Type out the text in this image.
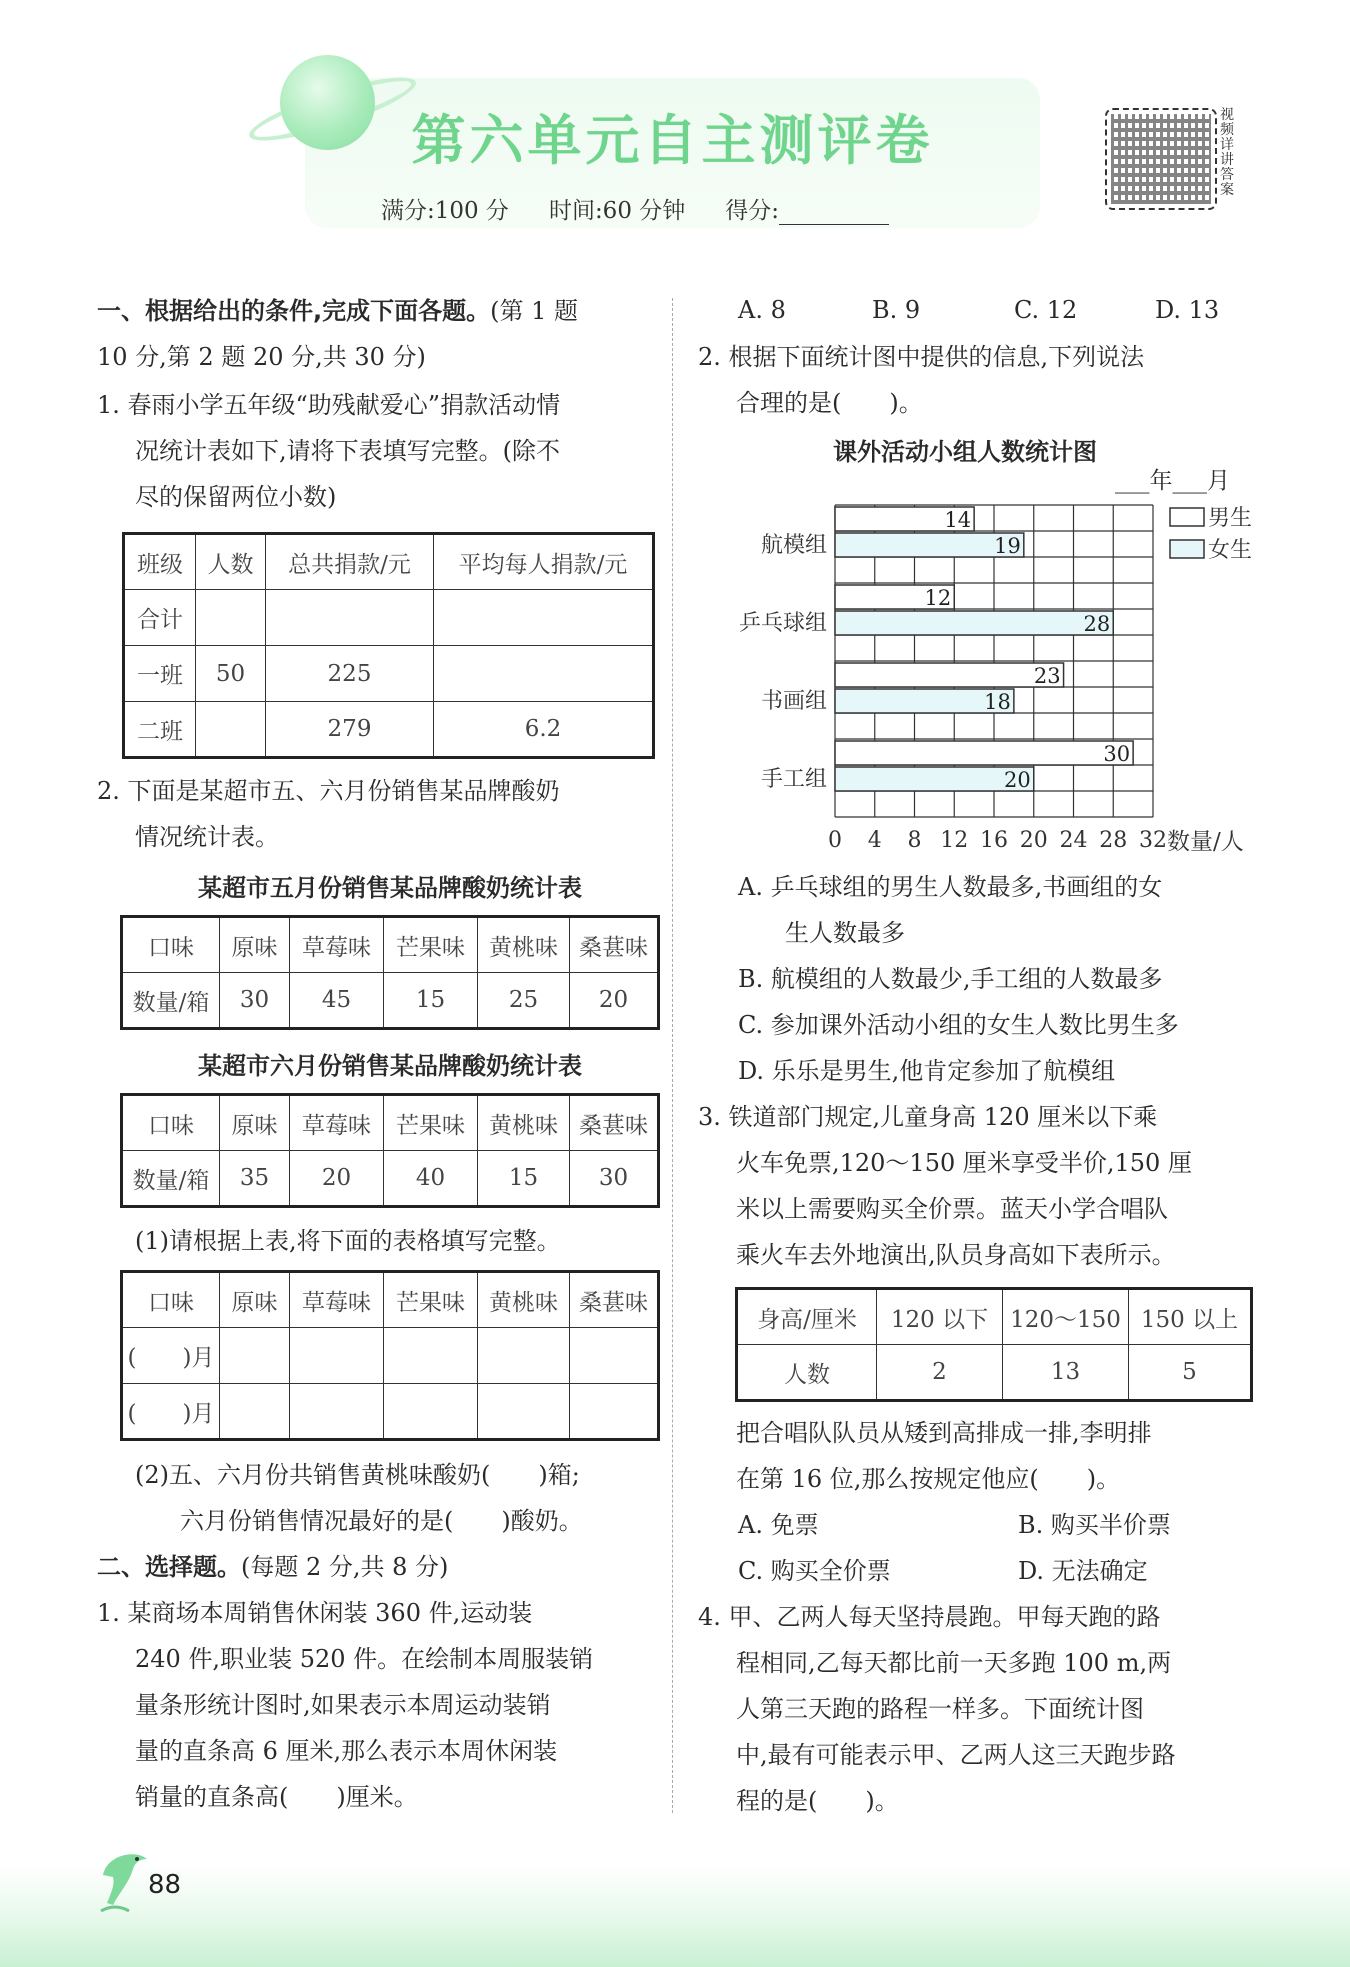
第六单元自主测评卷
满分:100 分 时间:60 分钟 得分:
视频详讲答案
一、根据给出的条件,完成下面各题。(第 1 题
10 分,第 2 题 20 分,共 30 分)
1. 春雨小学五年级“助残献爱心”捐款活动情
况统计表如下,请将下表填写完整。(除不
尽的保留两位小数)
班级	人数	总共捐款/元	平均每人捐款/元
合计			
一班	50	225	
二班		279	6.2
2. 下面是某超市五、六月份销售某品牌酸奶
情况统计表。
某超市五月份销售某品牌酸奶统计表
口味	原味	草莓味	芒果味	黄桃味	桑葚味
数量/箱	30	45	15	25	20
某超市六月份销售某品牌酸奶统计表
口味	原味	草莓味	芒果味	黄桃味	桑葚味
数量/箱	35	20	40	15	30
(1)请根据上表,将下面的表格填写完整。
口味	原味	草莓味	芒果味	黄桃味	桑葚味
(　　)月					
(　　)月					
(2)五、六月份共销售黄桃味酸奶(　　)箱;
六月份销售情况最好的是(　　)酸奶。
二、选择题。(每题 2 分,共 8 分)
1. 某商场本周销售休闲装 360 件,运动装
240 件,职业装 520 件。在绘制本周服装销
量条形统计图时,如果表示本周运动装销
量的直条高 6 厘米,那么表示本周休闲装
销量的直条高(　　)厘米。
A. 8	B. 9	C. 12	D. 13
2. 根据下面统计图中提供的信息,下列说法
合理的是(　　)。
课外活动小组人数统计图
___年___月
航模组
14
19
乒乓球组
12
28
书画组
23
18
手工组
30
20
0 4 8 12 16 20 24 28 32 数量/人
男生
女生
A. 乒乓球组的男生人数最多,书画组的女
生人数最多
B. 航模组的人数最少,手工组的人数最多
C. 参加课外活动小组的女生人数比男生多
D. 乐乐是男生,他肯定参加了航模组
3. 铁道部门规定,儿童身高 120 厘米以下乘
火车免票,120～150 厘米享受半价,150 厘
米以上需要购买全价票。蓝天小学合唱队
乘火车去外地演出,队员身高如下表所示。
身高/厘米	120 以下	120～150	150 以上
人数	2	13	5
把合唱队队员从矮到高排成一排,李明排
在第 16 位,那么按规定他应(　　)。
A. 免票	B. 购买半价票
C. 购买全价票	D. 无法确定
4. 甲、乙两人每天坚持晨跑。甲每天跑的路
程相同,乙每天都比前一天多跑 100 m,两
人第三天跑的路程一样多。下面统计图
中,最有可能表示甲、乙两人这三天跑步路
程的是(　　)。
88
